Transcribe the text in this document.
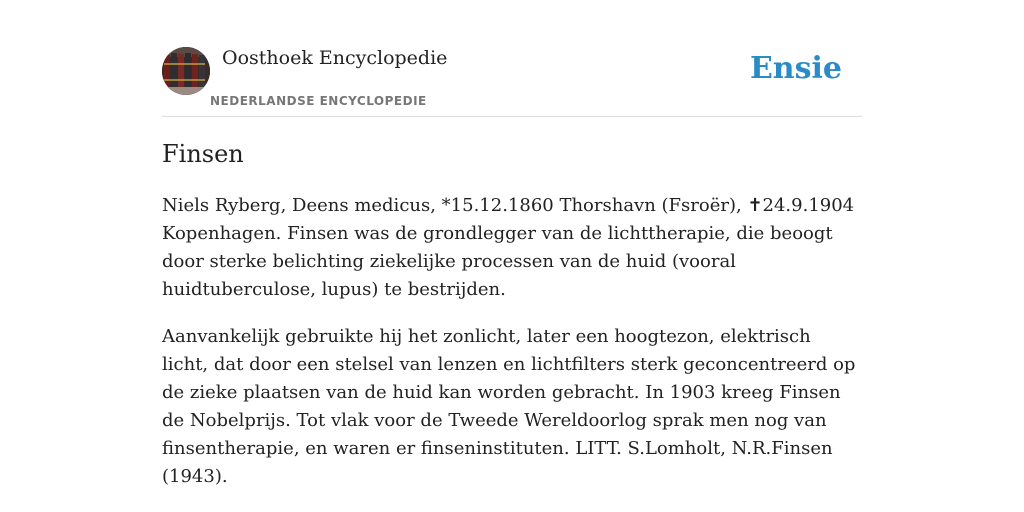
Oosthoek Encyclopedie
NEDERLANDSE ENCYCLOPEDIE
Ensie
Finsen

Niels Ryberg, Deens medicus, *15.12.1860 Thorshavn (Fsroër), ✝24.9.1904 Kopenhagen. Finsen was de grondlegger van de lichttherapie, die beoogt door sterke belichting ziekelijke processen van de huid (vooral huidtuberculose, lupus) te bestrijden.

Aanvankelijk gebruikte hij het zonlicht, later een hoogtezon, elektrisch licht, dat door een stelsel van lenzen en lichtfilters sterk geconcentreerd op de zieke plaatsen van de huid kan worden gebracht. In 1903 kreeg Finsen de Nobelprijs. Tot vlak voor de Tweede Wereldoorlog sprak men nog van finsentherapie, en waren er finseninstituten. LITT. S.Lomholt, N.R.Finsen (1943).
